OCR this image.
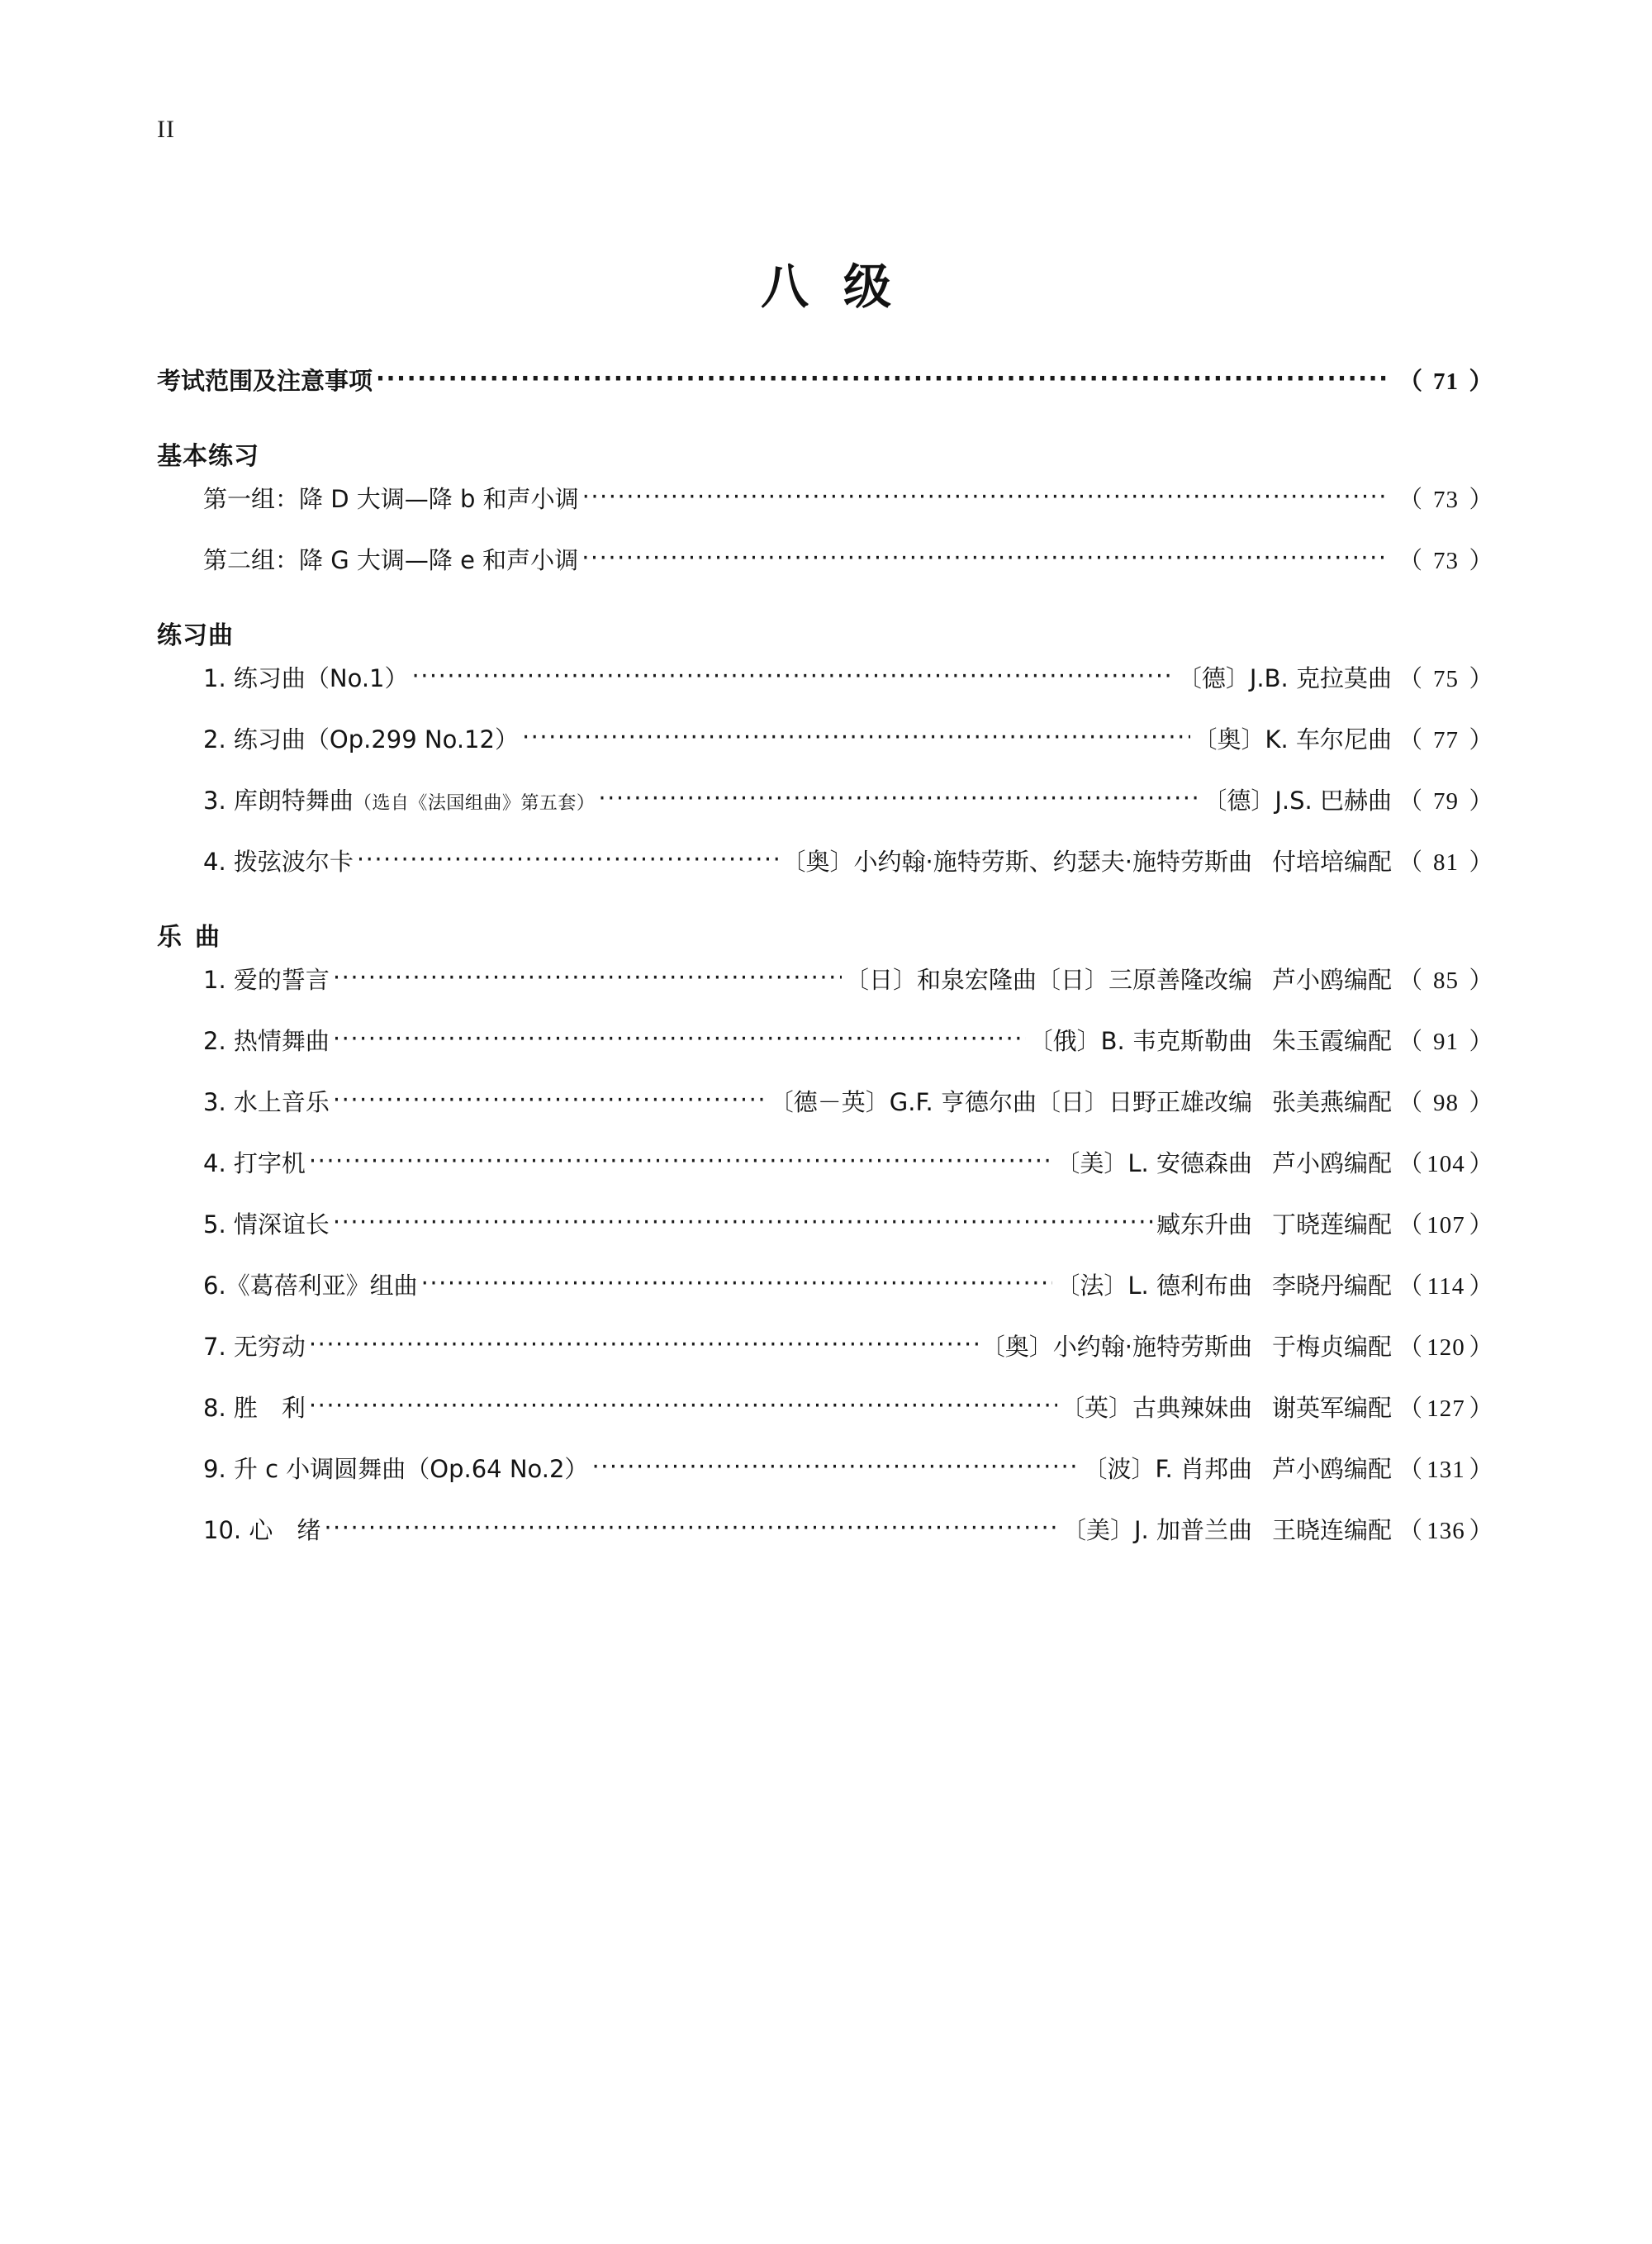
II
八级
考试范围及注意事项 ·····	（ 71 ）
基本练习
第一组：降 D 大调—降 b 和声小调 ·····	（ 73 ）
第二组：降 G 大调—降 e 和声小调 ·····	（ 73 ）
练习曲
1. 练习曲（No.1） ·····	〔德〕J.B. 克拉莫曲 （ 75 ）
2. 练习曲（Op.299 No.12） ·····	〔奥〕K. 车尔尼曲 （ 77 ）
3. 库朗特舞曲 （选自《法国组曲》第五套） ·····	〔德〕J.S. 巴赫曲 （ 79 ）
4. 拨弦波尔卡 ·····	〔奥〕小约翰·施特劳斯、约瑟夫·施特劳斯曲 付培培编配 （ 81 ）
乐曲
1. 爱的誓言 ·····	〔日〕和泉宏隆曲〔日〕三原善隆改编 芦小鸥编配 （ 85 ）
2. 热情舞曲 ·····	〔俄〕B. 韦克斯勒曲 朱玉霞编配 （ 91 ）
3. 水上音乐 ·····	〔德－英〕G.F. 亨德尔曲〔日〕日野正雄改编 张美燕编配 （ 98 ）
4. 打字机 ·····	〔美〕L. 安德森曲 芦小鸥编配 （ 104 ）
5. 情深谊长 ·····	臧东升曲 丁晓莲编配 （ 107 ）
6.《葛蓓利亚》组曲 ·····	〔法〕L. 德利布曲 李晓丹编配 （ 114 ）
7. 无穷动 ·····	〔奥〕小约翰·施特劳斯曲 于梅贞编配 （ 120 ）
8. 胜　利 ·····	〔英〕古典辣妹曲 谢英军编配 （ 127 ）
9. 升 c 小调圆舞曲（Op.64 No.2） ·····	〔波〕F. 肖邦曲 芦小鸥编配 （ 131 ）
10. 心　绪 ·····	〔美〕J. 加普兰曲 王晓连编配 （ 136 ）
